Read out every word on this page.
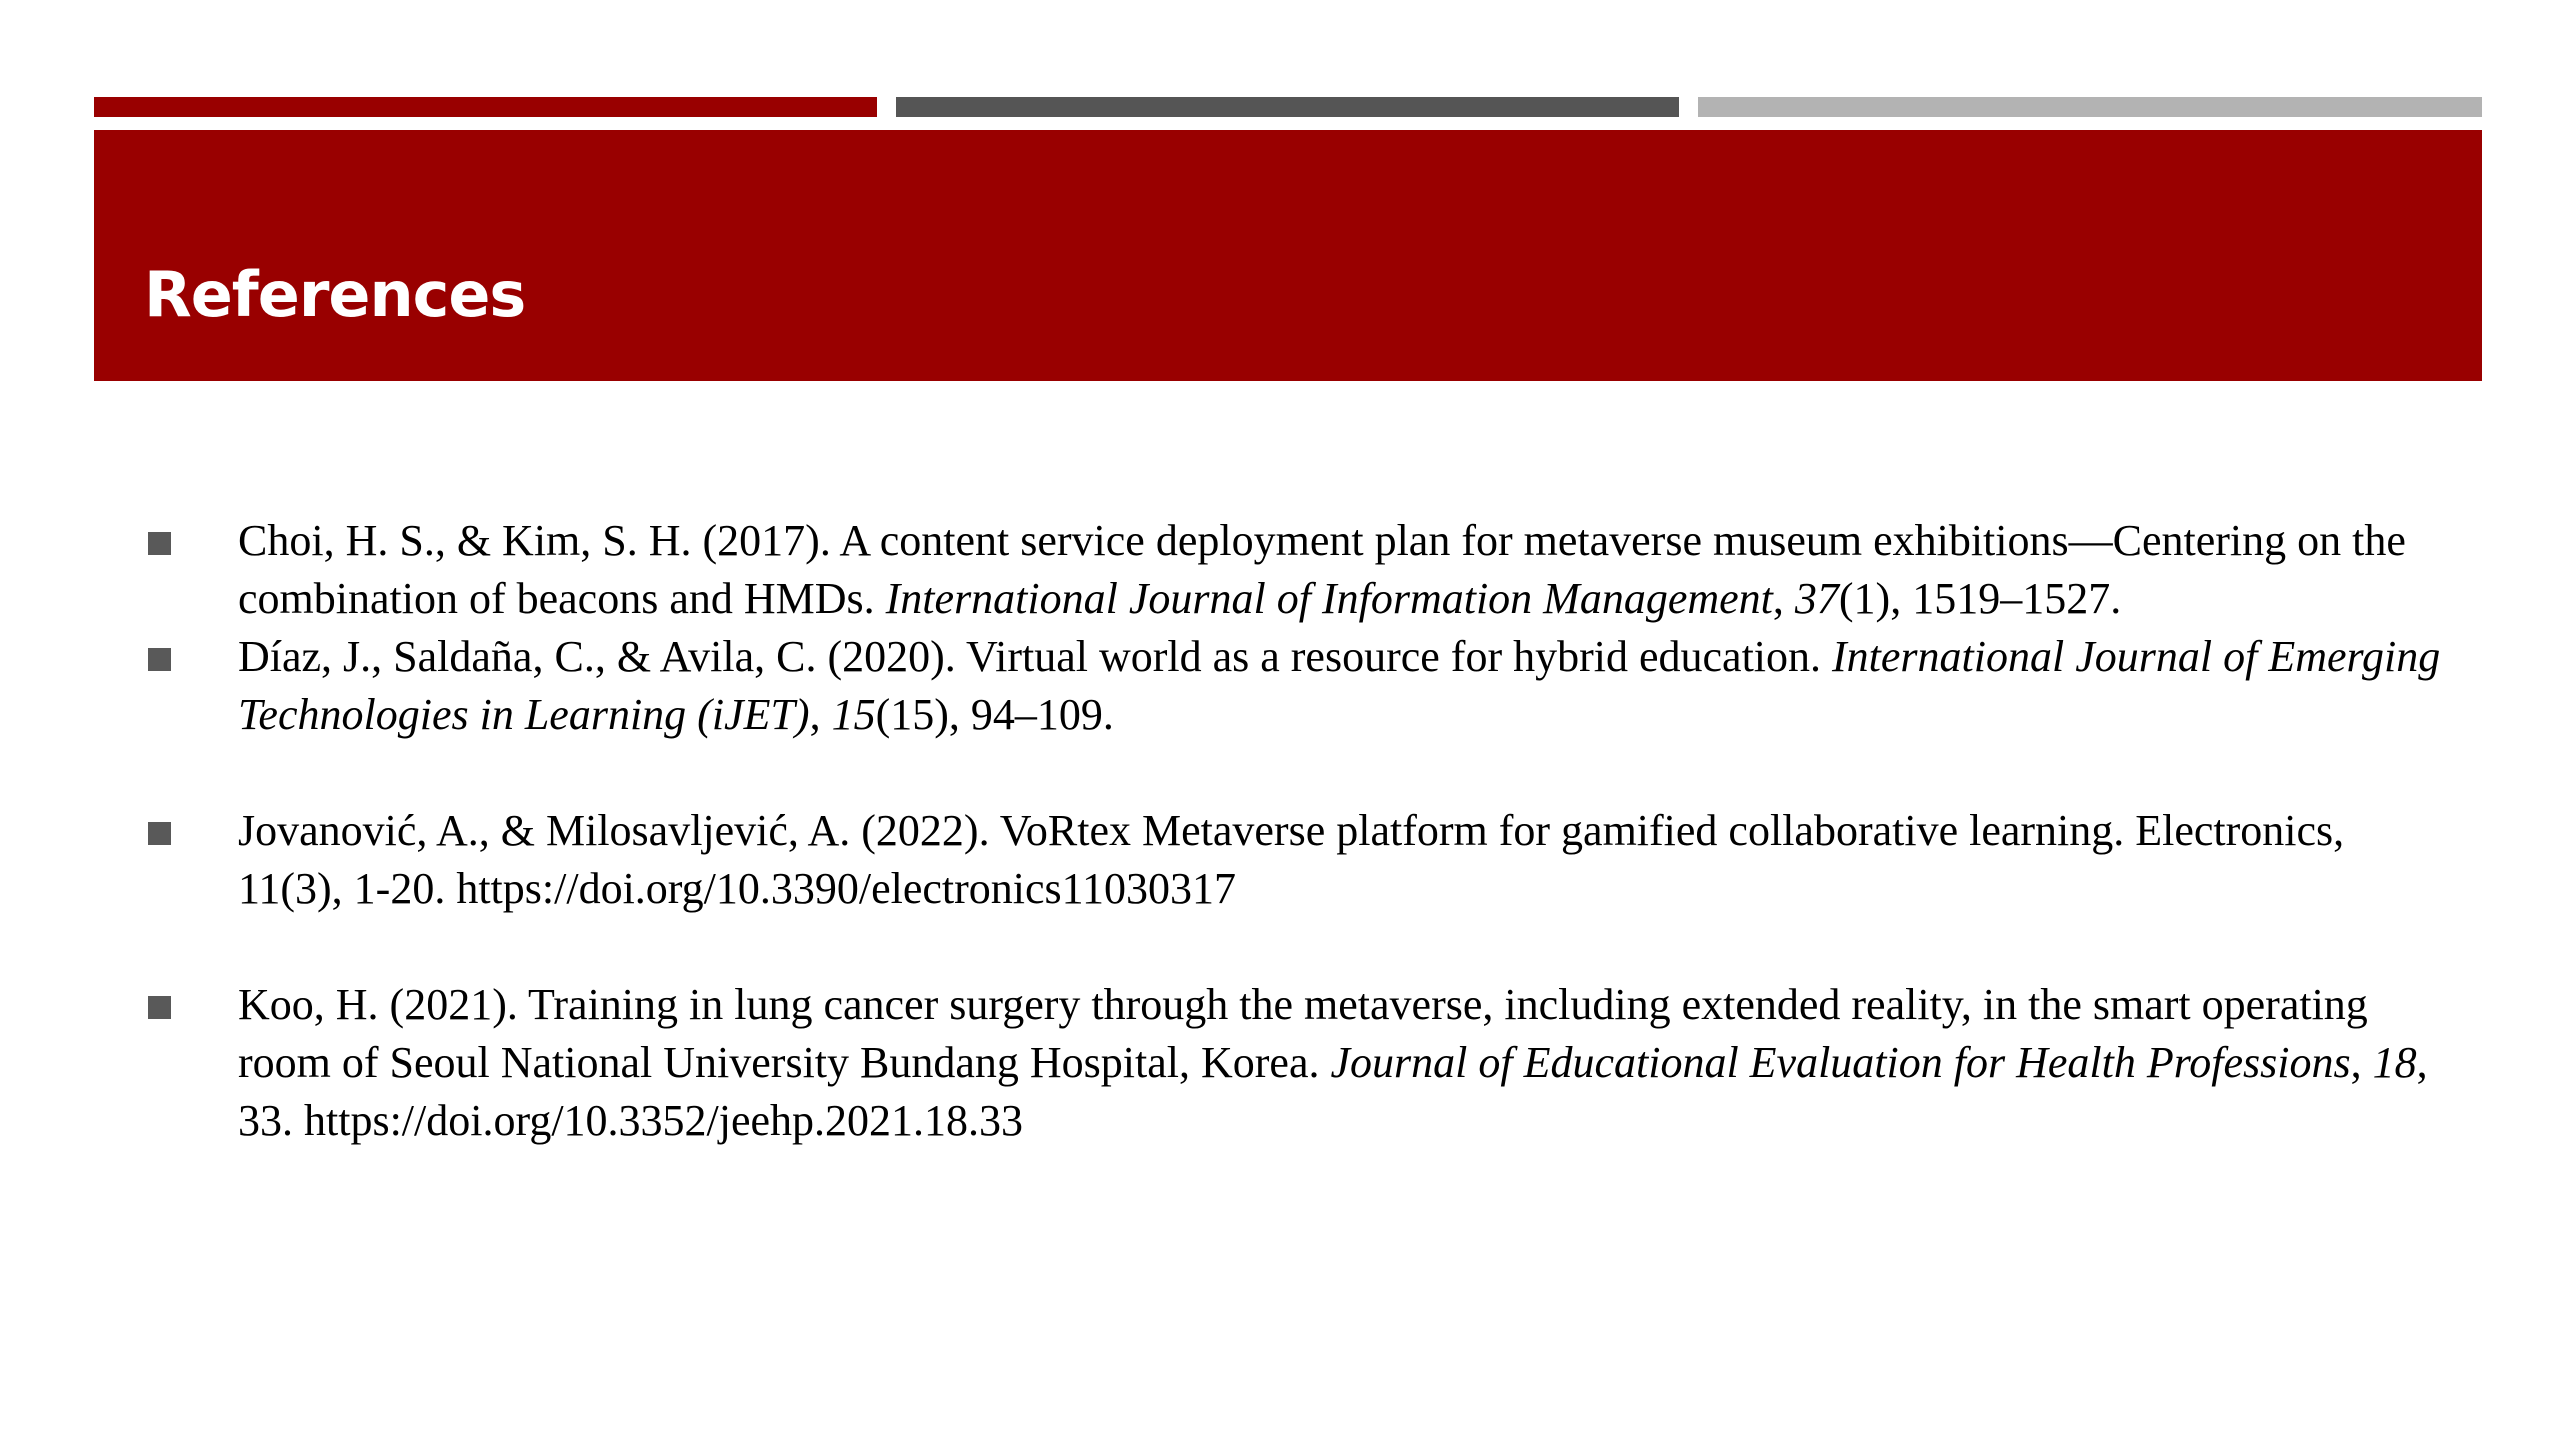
References
Choi, H. S., & Kim, S. H. (2017). A content service deployment plan for metaverse museum exhibitions—Centering on the combination of beacons and HMDs. International Journal of Information Management, 37(1), 1519–1527.
Díaz, J., Saldaña, C., & Avila, C. (2020). Virtual world as a resource for hybrid education. International Journal of Emerging Technologies in Learning (iJET), 15(15), 94–109.
Jovanović, A., & Milosavljević, A. (2022). VoRtex Metaverse platform for gamified collaborative learning. Electronics, 11(3), 1-20. https://doi.org/10.3390/electronics11030317
Koo, H. (2021). Training in lung cancer surgery through the metaverse, including extended reality, in the smart operating room of Seoul National University Bundang Hospital, Korea. Journal of Educational Evaluation for Health Professions, 18, 33. https://doi.org/10.3352/jeehp.2021.18.33
